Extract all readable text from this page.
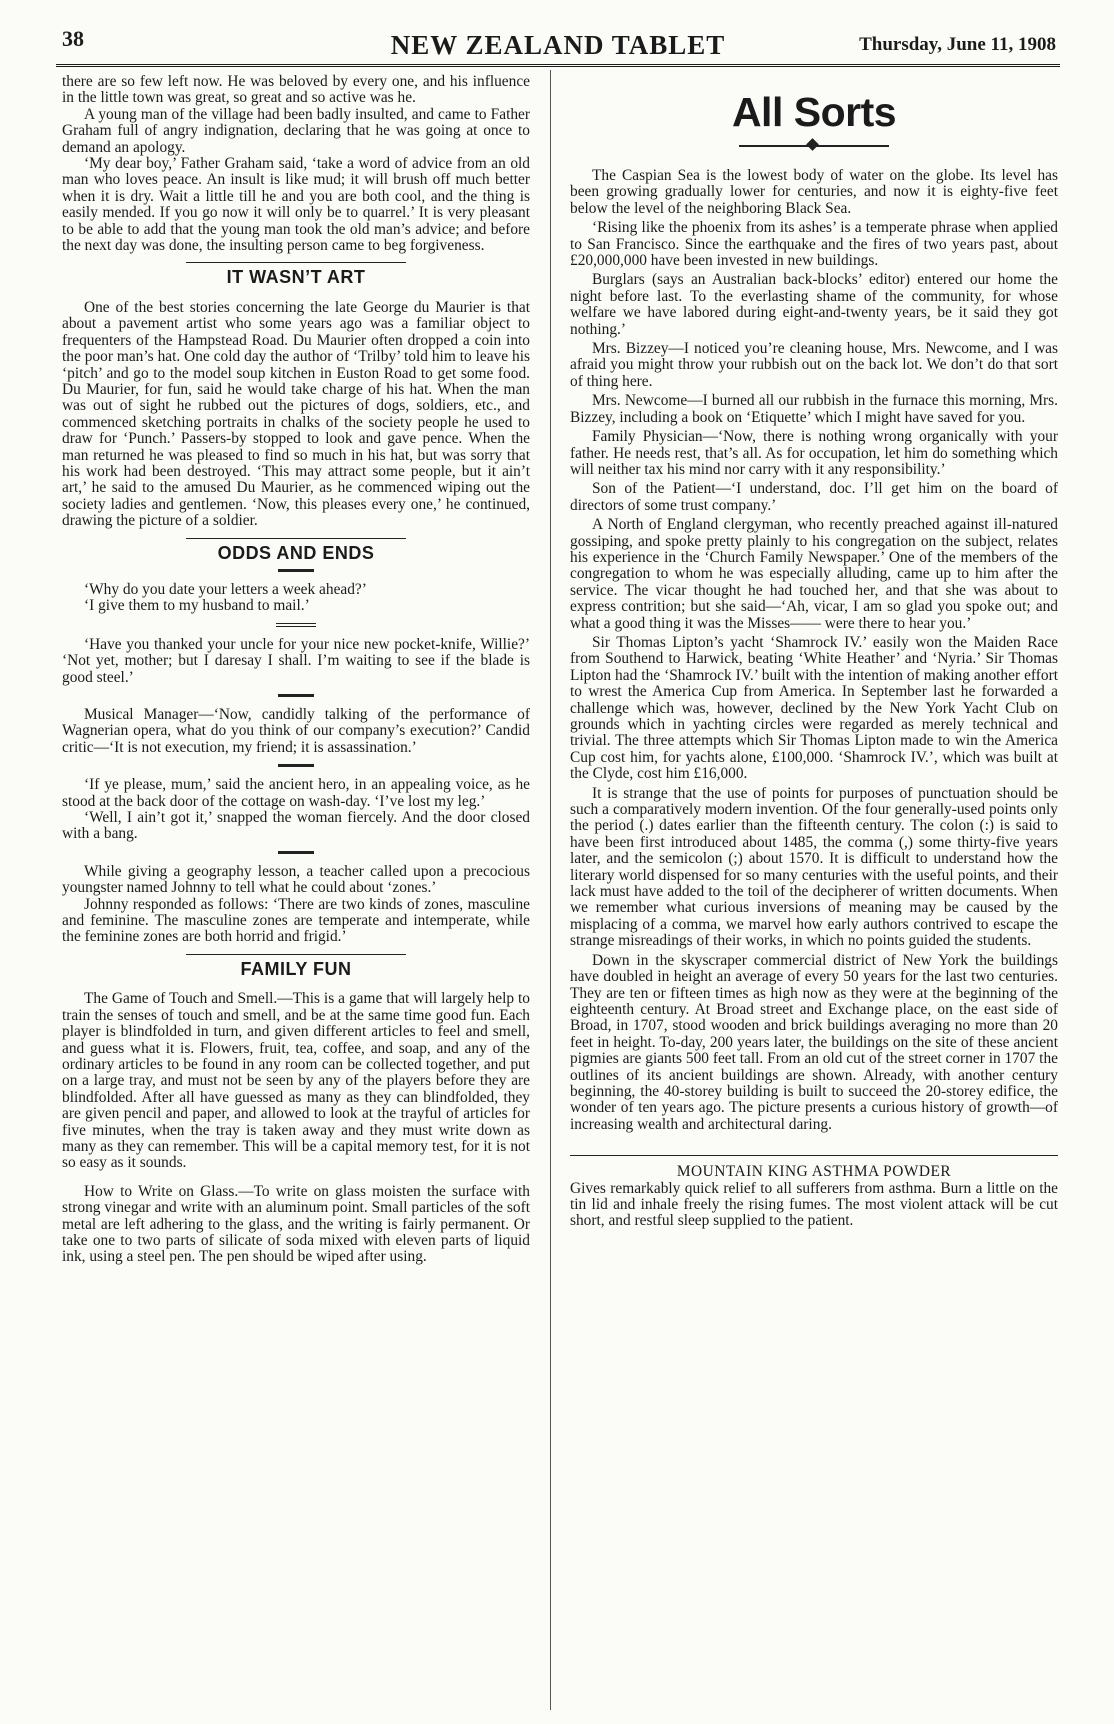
38	NEW ZEALAND TABLET	Thursday, June 11, 1908

there are so few left now. He was beloved by every one, and his influence in the little town was great, so great and so active was he.

A young man of the village had been badly insulted, and came to Father Graham full of angry indignation, declaring that he was going at once to demand an apology.

‘My dear boy,’ Father Graham said, ‘take a word of advice from an old man who loves peace. An insult is like mud; it will brush off much better when it is dry. Wait a little till he and you are both cool, and the thing is easily mended. If you go now it will only be to quarrel.’ It is very pleasant to be able to add that the young man took the old man’s advice; and before the next day was done, the insulting person came to beg forgiveness.

IT WASN’T ART

One of the best stories concerning the late George du Maurier is that about a pavement artist who some years ago was a familiar object to frequenters of the Hampstead Road. Du Maurier often dropped a coin into the poor man’s hat. One cold day the author of ‘Trilby’ told him to leave his ‘pitch’ and go to the model soup kitchen in Euston Road to get some food. Du Maurier, for fun, said he would take charge of his hat. When the man was out of sight he rubbed out the pictures of dogs, soldiers, etc., and commenced sketching portraits in chalks of the society people he used to draw for ‘Punch.’ Passers-by stopped to look and gave pence. When the man returned he was pleased to find so much in his hat, but was sorry that his work had been destroyed. ‘This may attract some people, but it ain’t art,’ he said to the amused Du Maurier, as he commenced wiping out the society ladies and gentlemen. ‘Now, this pleases every one,’ he continued, drawing the picture of a soldier.

ODDS AND ENDS

‘Why do you date your letters a week ahead?’

‘I give them to my husband to mail.’

‘Have you thanked your uncle for your nice new pocket-knife, Willie?’ ‘Not yet, mother; but I daresay I shall. I’m waiting to see if the blade is good steel.’

Musical Manager—‘Now, candidly talking of the performance of Wagnerian opera, what do you think of our company’s execution?’ Candid critic—‘It is not execution, my friend; it is assassination.’

‘If ye please, mum,’ said the ancient hero, in an appealing voice, as he stood at the back door of the cottage on wash-day. ‘I’ve lost my leg.’

‘Well, I ain’t got it,’ snapped the woman fiercely. And the door closed with a bang.

While giving a geography lesson, a teacher called upon a precocious youngster named Johnny to tell what he could about ‘zones.’

Johnny responded as follows: ‘There are two kinds of zones, masculine and feminine. The masculine zones are temperate and intemperate, while the feminine zones are both horrid and frigid.’

FAMILY FUN

The Game of Touch and Smell.—This is a game that will largely help to train the senses of touch and smell, and be at the same time good fun. Each player is blindfolded in turn, and given different articles to feel and smell, and guess what it is. Flowers, fruit, tea, coffee, and soap, and any of the ordinary articles to be found in any room can be collected together, and put on a large tray, and must not be seen by any of the players before they are blindfolded. After all have guessed as many as they can blindfolded, they are given pencil and paper, and allowed to look at the trayful of articles for five minutes, when the tray is taken away and they must write down as many as they can remember. This will be a capital memory test, for it is not so easy as it sounds.

How to Write on Glass.—To write on glass moisten the surface with strong vinegar and write with an aluminum point. Small particles of the soft metal are left adhering to the glass, and the writing is fairly permanent. Or take one to two parts of silicate of soda mixed with eleven parts of liquid ink, using a steel pen. The pen should be wiped after using.

All Sorts

The Caspian Sea is the lowest body of water on the globe. Its level has been growing gradually lower for centuries, and now it is eighty-five feet below the level of the neighboring Black Sea.

‘Rising like the phoenix from its ashes’ is a temperate phrase when applied to San Francisco. Since the earthquake and the fires of two years past, about £20,000,000 have been invested in new buildings.

Burglars (says an Australian back-blocks’ editor) entered our home the night before last. To the everlasting shame of the community, for whose welfare we have labored during eight-and-twenty years, be it said they got nothing.’

Mrs. Bizzey—I noticed you’re cleaning house, Mrs. Newcome, and I was afraid you might throw your rubbish out on the back lot. We don’t do that sort of thing here.

Mrs. Newcome—I burned all our rubbish in the furnace this morning, Mrs. Bizzey, including a book on ‘Etiquette’ which I might have saved for you.

Family Physician—‘Now, there is nothing wrong organically with your father. He needs rest, that’s all. As for occupation, let him do something which will neither tax his mind nor carry with it any responsibility.’

Son of the Patient—‘I understand, doc. I’ll get him on the board of directors of some trust company.’

A North of England clergyman, who recently preached against ill-natured gossiping, and spoke pretty plainly to his congregation on the subject, relates his experience in the ‘Church Family Newspaper.’ One of the members of the congregation to whom he was especially alluding, came up to him after the service. The vicar thought he had touched her, and that she was about to express contrition; but she said—‘Ah, vicar, I am so glad you spoke out; and what a good thing it was the Misses—— were there to hear you.’

Sir Thomas Lipton’s yacht ‘Shamrock IV.’ easily won the Maiden Race from Southend to Harwick, beating ‘White Heather’ and ‘Nyria.’ Sir Thomas Lipton had the ‘Shamrock IV.’ built with the intention of making another effort to wrest the America Cup from America. In September last he forwarded a challenge which was, however, declined by the New York Yacht Club on grounds which in yachting circles were regarded as merely technical and trivial. The three attempts which Sir Thomas Lipton made to win the America Cup cost him, for yachts alone, £100,000. ‘Shamrock IV.’, which was built at the Clyde, cost him £16,000.

It is strange that the use of points for purposes of punctuation should be such a comparatively modern invention. Of the four generally-used points only the period (.) dates earlier than the fifteenth century. The colon (:) is said to have been first introduced about 1485, the comma (,) some thirty-five years later, and the semicolon (;) about 1570. It is difficult to understand how the literary world dispensed for so many centuries with the useful points, and their lack must have added to the toil of the decipherer of written documents. When we remember what curious inversions of meaning may be caused by the misplacing of a comma, we marvel how early authors contrived to escape the strange misreadings of their works, in which no points guided the students.

Down in the skyscraper commercial district of New York the buildings have doubled in height an average of every 50 years for the last two centuries. They are ten or fifteen times as high now as they were at the beginning of the eighteenth century. At Broad street and Exchange place, on the east side of Broad, in 1707, stood wooden and brick buildings averaging no more than 20 feet in height. To-day, 200 years later, the buildings on the site of these ancient pigmies are giants 500 feet tall. From an old cut of the street corner in 1707 the outlines of its ancient buildings are shown. Already, with another century beginning, the 40-storey building is built to succeed the 20-storey edifice, the wonder of ten years ago. The picture presents a curious history of growth—of increasing wealth and architectural daring.

MOUNTAIN KING ASTHMA POWDER

Gives remarkably quick relief to all sufferers from asthma. Burn a little on the tin lid and inhale freely the rising fumes. The most violent attack will be cut short, and restful sleep supplied to the patient.
